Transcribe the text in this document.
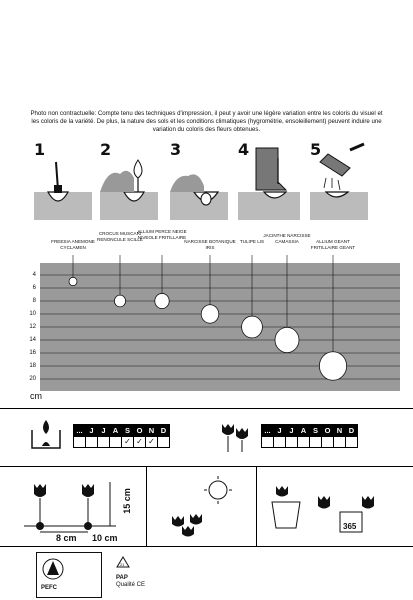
Photo non contractuelle: Compte tenu des techniques d'impression, il peut y avoir une légère variation entre les coloris du visuel et les coloris de la variété. De plus, la nature des sols et les conditions climatiques (hygrométrie, ensoleillement) peuvent induire une variation du coloris des fleurs obtenues.
1	2	3	4	5
FREESIA ANEMONE CYCLAMEN
CROCUS MUSCARI RENONCULE SCILLE
ALLIUM PERCE NEIGE NIVEOLE FRITILLAIRE
NARCISSE BOTANIQUE IRIS
TULIPE LIS
JACINTHE NARCISSE CAMASSIA	ALLIUM GEANT FRITILLAIRE GEANT
4
6
8
10
12
14
16
18
20
cm
... J	J A S O N D
✓ ✓ ✓
... J	J A S O N D
15 cm
8 cm 10 cm
365
PEFC
21
PAP
Qualité CE
